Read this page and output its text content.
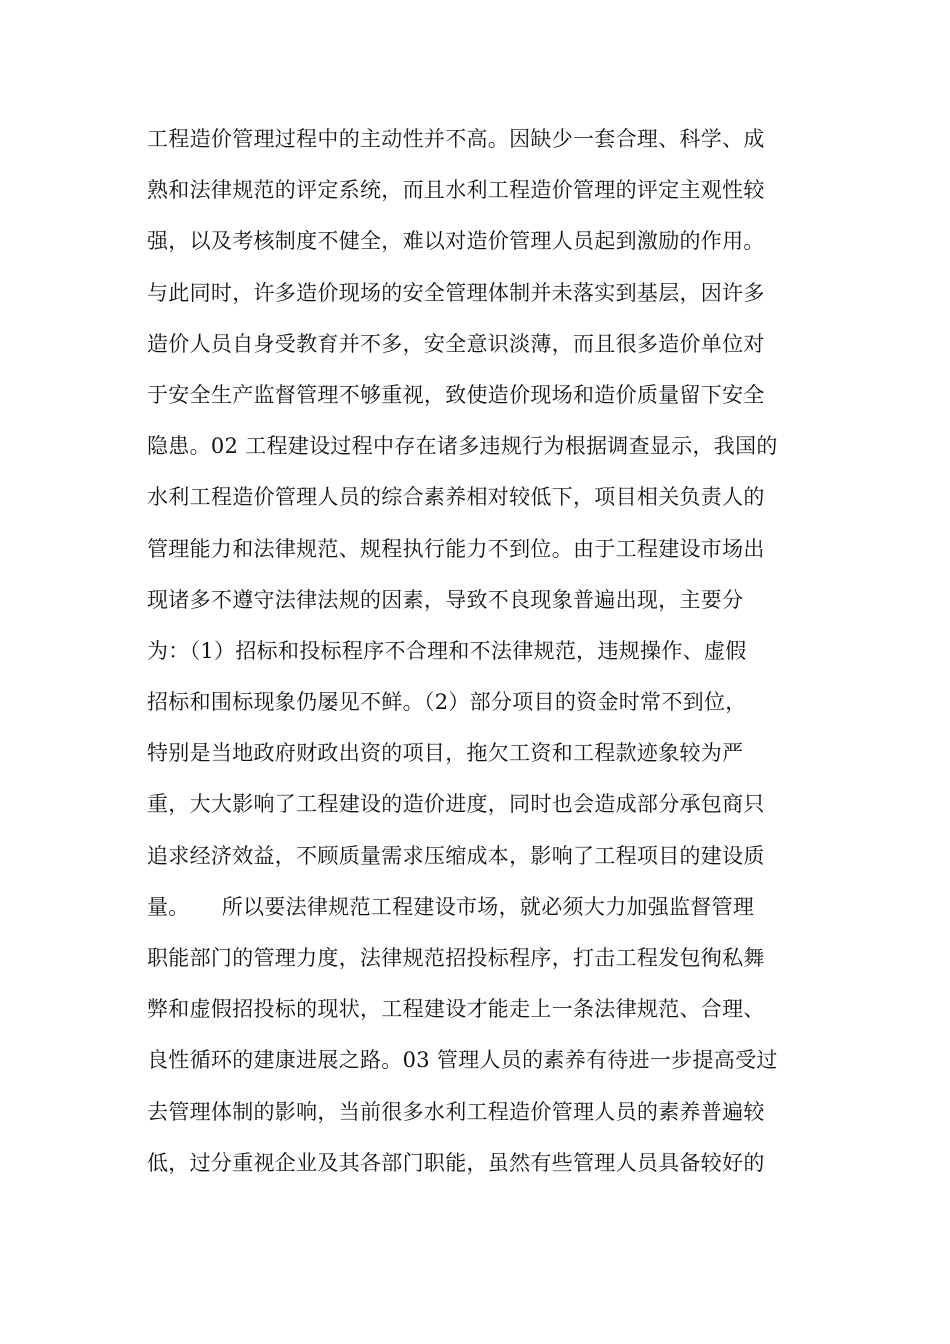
工程造价管理过程中的主动性并不高。因缺少一套合理、科学、成
熟和法律规范的评定系统，而且水利工程造价管理的评定主观性较
强，以及考核制度不健全，难以对造价管理人员起到激励的作用。
与此同时，许多造价现场的安全管理体制并未落实到基层，因许多
造价人员自身受教育并不多，安全意识淡薄，而且很多造价单位对
于安全生产监督管理不够重视，致使造价现场和造价质量留下安全
隐患。02 工程建设过程中存在诸多违规行为根据调查显示，我国的
水利工程造价管理人员的综合素养相对较低下，项目相关负责人的
管理能力和法律规范、规程执行能力不到位。由于工程建设市场出
现诸多不遵守法律法规的因素，导致不良现象普遍出现，主要分
为：（1）招标和投标程序不合理和不法律规范，违规操作、虚假
招标和围标现象仍屡见不鲜。（2）部分项目的资金时常不到位，
特别是当地政府财政出资的项目，拖欠工资和工程款迹象较为严
重，大大影响了工程建设的造价进度，同时也会造成部分承包商只
追求经济效益，不顾质量需求压缩成本，影响了工程项目的建设质
量。　　所以要法律规范工程建设市场，就必须大力加强监督管理
职能部门的管理力度，法律规范招投标程序，打击工程发包徇私舞
弊和虚假招投标的现状，工程建设才能走上一条法律规范、合理、
良性循环的建康进展之路。03 管理人员的素养有待进一步提高受过
去管理体制的影响，当前很多水利工程造价管理人员的素养普遍较
低，过分重视企业及其各部门职能，虽然有些管理人员具备较好的
